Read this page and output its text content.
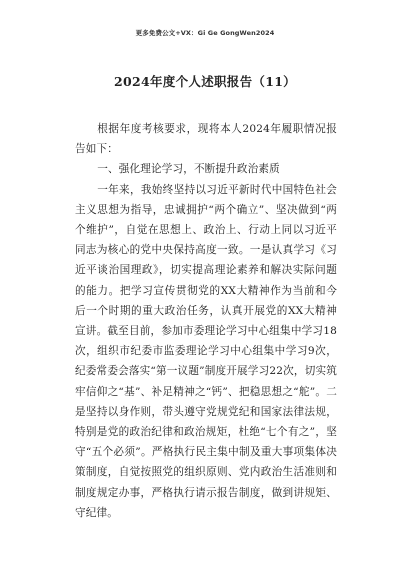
更多免费公文+VX：Gi Ge GongWen2024
2024年度个人述职报告（11）

根据年度考核要求，现将本人2024年履职情况报告如下：

一、强化理论学习，不断提升政治素质

一年来，我始终坚持以习近平新时代中国特色社会主义思想为指导，忠诚拥护“两个确立”、坚决做到“两个维护”，自觉在思想上、政治上、行动上同以习近平同志为核心的党中央保持高度一致。一是认真学习《习近平谈治国理政》，切实提高理论素养和解决实际问题的能力。把学习宣传贯彻党的XX大精神作为当前和今后一个时期的重大政治任务，认真开展党的XX大精神宣讲。截至目前，参加市委理论学习中心组集中学习18次，组织市纪委市监委理论学习中心组集中学习9次，纪委常委会落实“第一议题”制度开展学习22次，切实筑牢信仰之“基”、补足精神之“钙”、把稳思想之“舵”。二是坚持以身作则，带头遵守党规党纪和国家法律法规，特别是党的政治纪律和政治规矩，杜绝“七个有之”，坚守“五个必须”。严格执行民主集中制及重大事项集体决策制度，自觉按照党的组织原则、党内政治生活准则和制度规定办事，严格执行请示报告制度，做到讲规矩、守纪律。
